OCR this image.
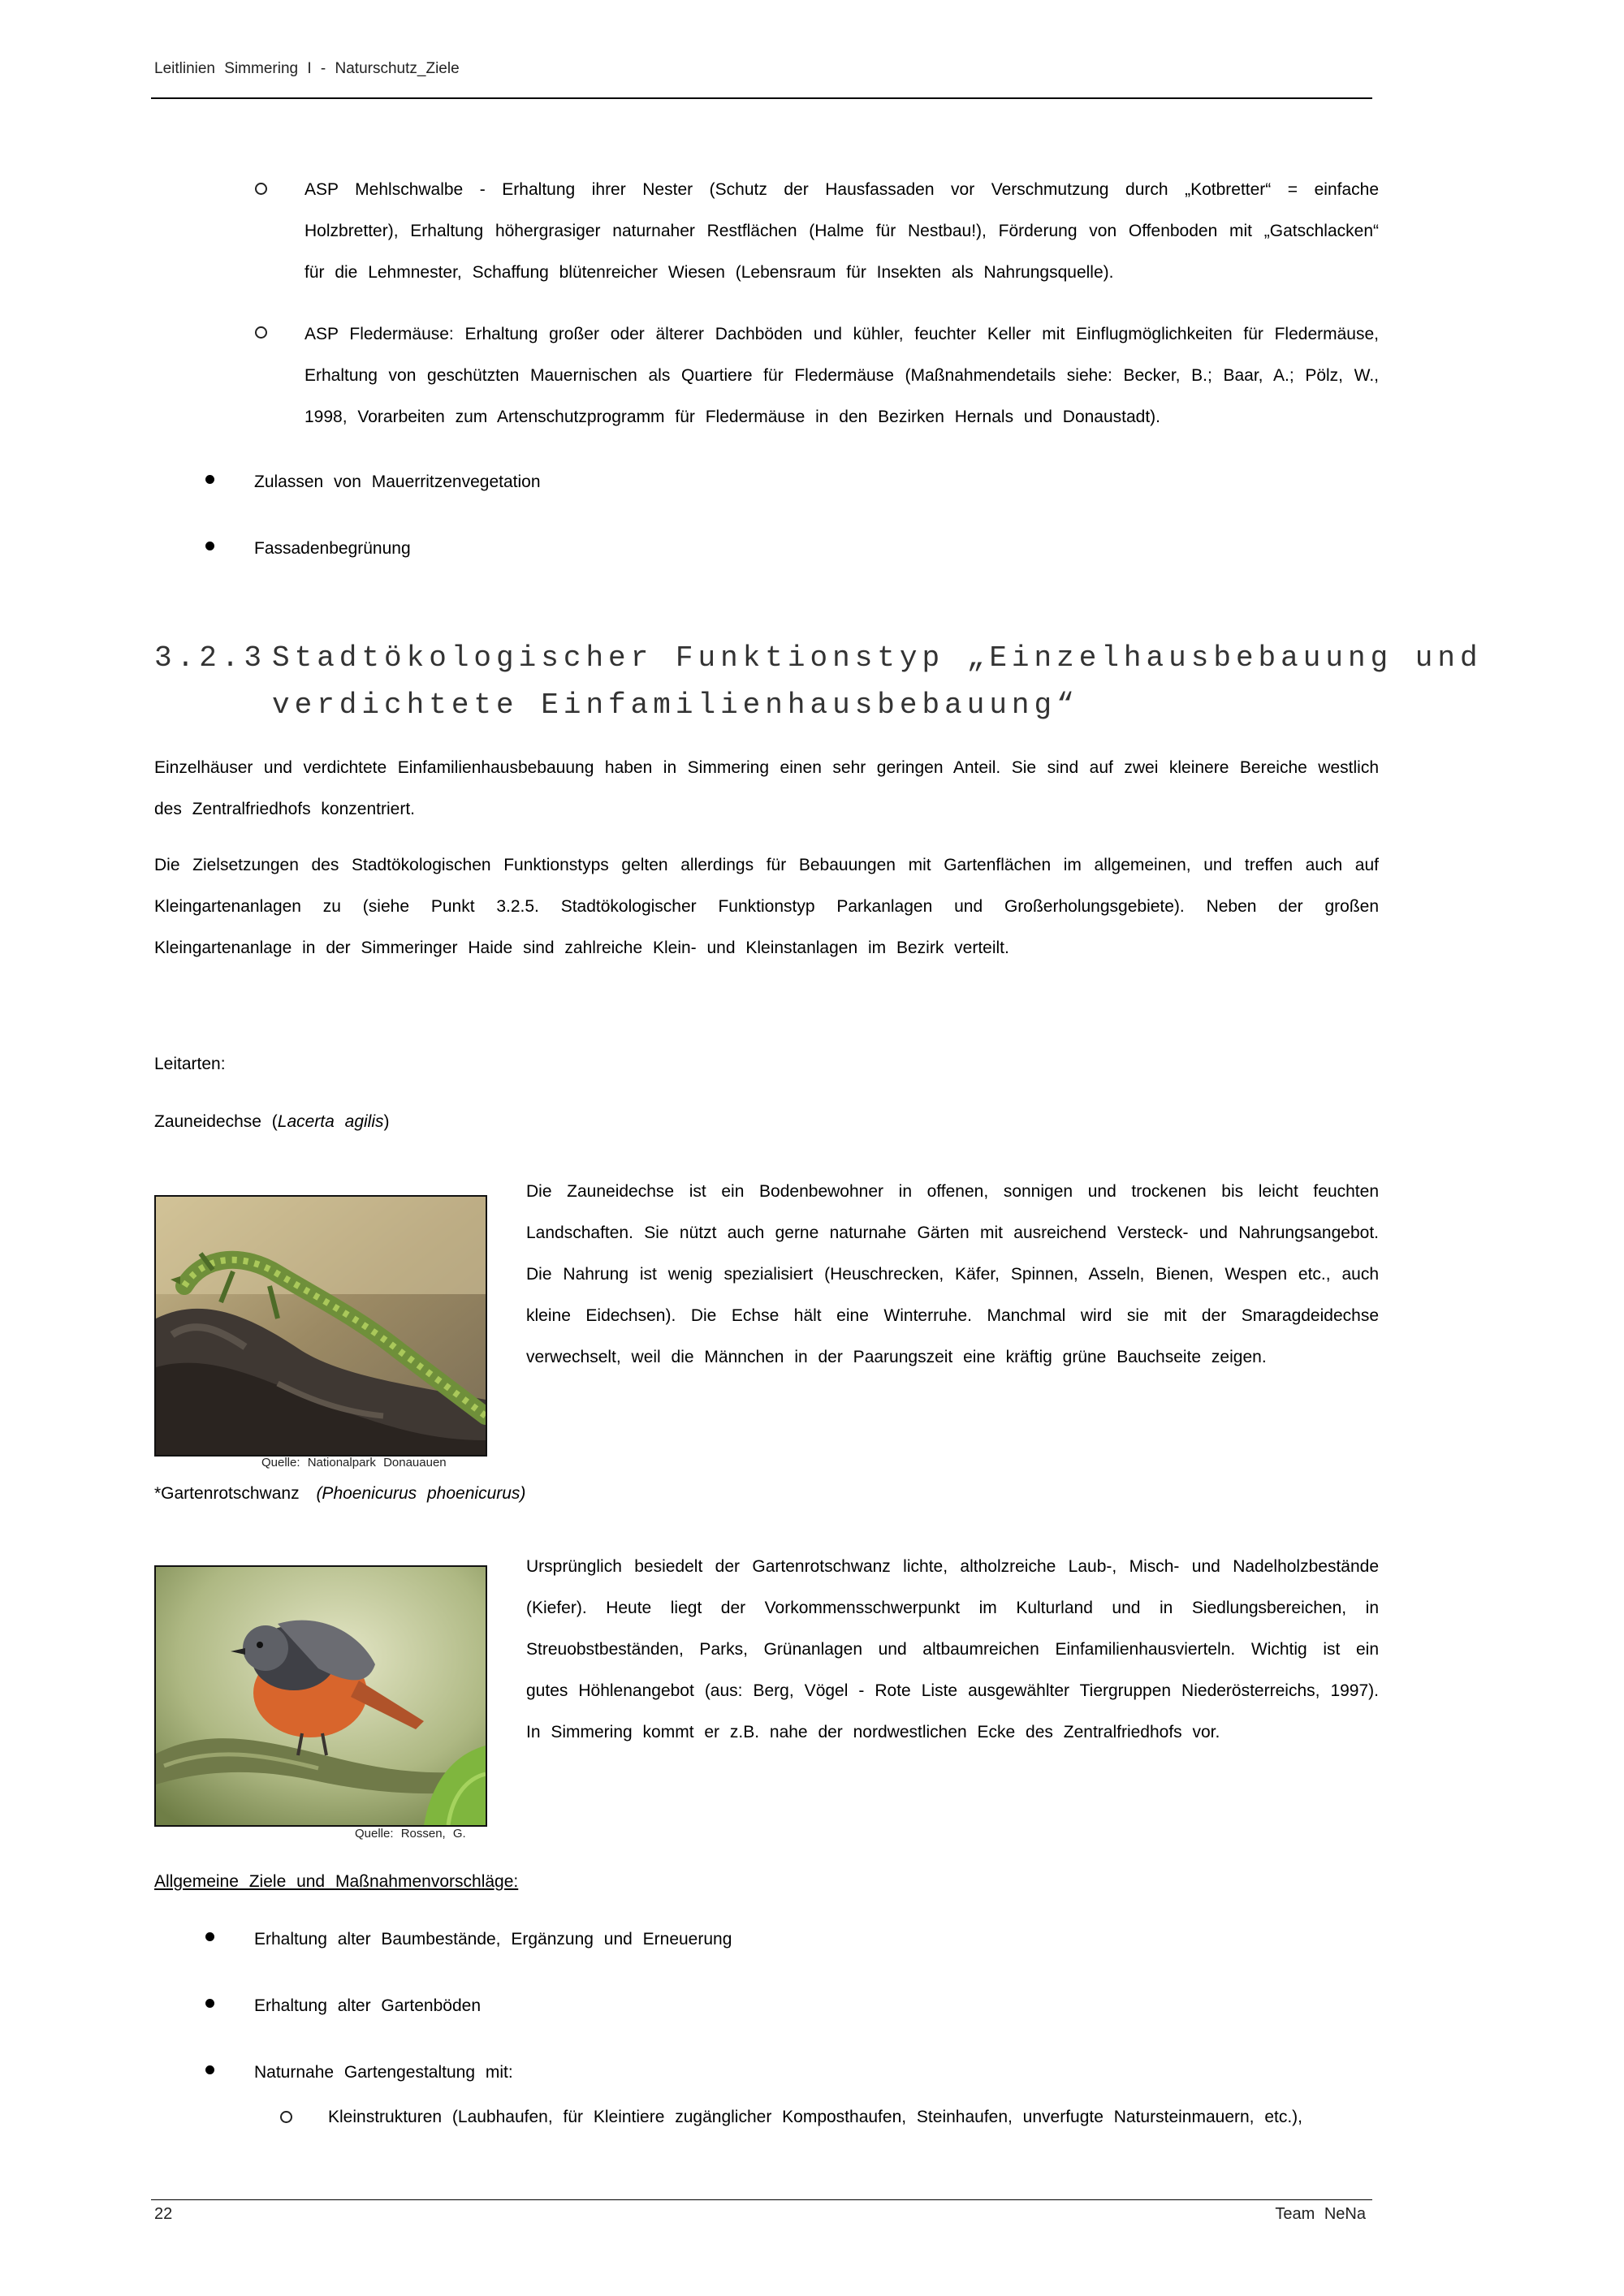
Leitlinien Simmering I - Naturschutz_Ziele
ASP Mehlschwalbe - Erhaltung ihrer Nester (Schutz der Hausfassaden vor Verschmutzung durch „Kotbretter“ = einfache Holzbretter), Erhaltung höhergrasiger naturnaher Restflächen (Halme für Nestbau!), Förderung von Offenboden mit „Gatschlacken“ für die Lehmnester, Schaffung blütenreicher Wiesen (Lebensraum für Insekten als Nahrungsquelle).
ASP Fledermäuse: Erhaltung großer oder älterer Dachböden und kühler, feuchter Keller mit Einflugmöglichkeiten für Fledermäuse, Erhaltung von geschützten Mauernischen als Quartiere für Fledermäuse (Maßnahmendetails siehe: Becker, B.; Baar, A.; Pölz, W., 1998, Vorarbeiten zum Artenschutzprogramm für Fledermäuse in den Bezirken Hernals und Donaustadt).
Zulassen von Mauerritzenvegetation
Fassadenbegrünung
3.2.3 Stadtökologischer Funktionstyp „Einzelhausbebauung und
verdichtete Einfamilienhausbebauung“
Einzelhäuser und verdichtete Einfamilienhausbebauung haben in Simmering einen sehr geringen Anteil. Sie sind auf zwei kleinere Bereiche westlich des Zentralfriedhofs konzentriert.
Die Zielsetzungen des Stadtökologischen Funktionstyps gelten allerdings für Bebauungen mit Gartenflächen im allgemeinen, und treffen auch auf Kleingartenanlagen zu (siehe Punkt 3.2.5. Stadtökologischer Funktionstyp Parkanlagen und Großerholungsgebiete). Neben der großen Kleingartenanlage in der Simmeringer Haide sind zahlreiche Klein- und Kleinstanlagen im Bezirk verteilt.
Leitarten:
Zauneidechse (Lacerta agilis)
Quelle: Nationalpark Donauauen
Die Zauneidechse ist ein Bodenbewohner in offenen, sonnigen und trockenen bis leicht feuchten Landschaften. Sie nützt auch gerne naturnahe Gärten mit ausreichend Versteck- und Nahrungsangebot. Die Nahrung ist wenig spezialisiert (Heuschrecken, Käfer, Spinnen, Asseln, Bienen, Wespen etc., auch kleine Eidechsen). Die Echse hält eine Winterruhe. Manchmal wird sie mit der Smaragdeidechse verwechselt, weil die Männchen in der Paarungszeit eine kräftig grüne Bauchseite zeigen.
*Gartenrotschwanz (Phoenicurus phoenicurus)
Quelle: Rossen, G.
Ursprünglich besiedelt der Gartenrotschwanz lichte, altholzreiche Laub-, Misch- und Nadelholzbestände (Kiefer). Heute liegt der Vorkommensschwerpunkt im Kulturland und in Siedlungsbereichen, in Streuobstbeständen, Parks, Grünanlagen und altbaumreichen Einfamilienhausvierteln. Wichtig ist ein gutes Höhlenangebot (aus: Berg, Vögel - Rote Liste ausgewählter Tiergruppen Niederösterreichs, 1997). In Simmering kommt er z.B. nahe der nordwestlichen Ecke des Zentralfriedhofs vor.
Allgemeine Ziele und Maßnahmenvorschläge:
Erhaltung alter Baumbestände, Ergänzung und Erneuerung
Erhaltung alter Gartenböden
Naturnahe Gartengestaltung mit:
Kleinstrukturen (Laubhaufen, für Kleintiere zugänglicher Komposthaufen, Steinhaufen, unverfugte Natursteinmauern, etc.),
22	Team NeNa
